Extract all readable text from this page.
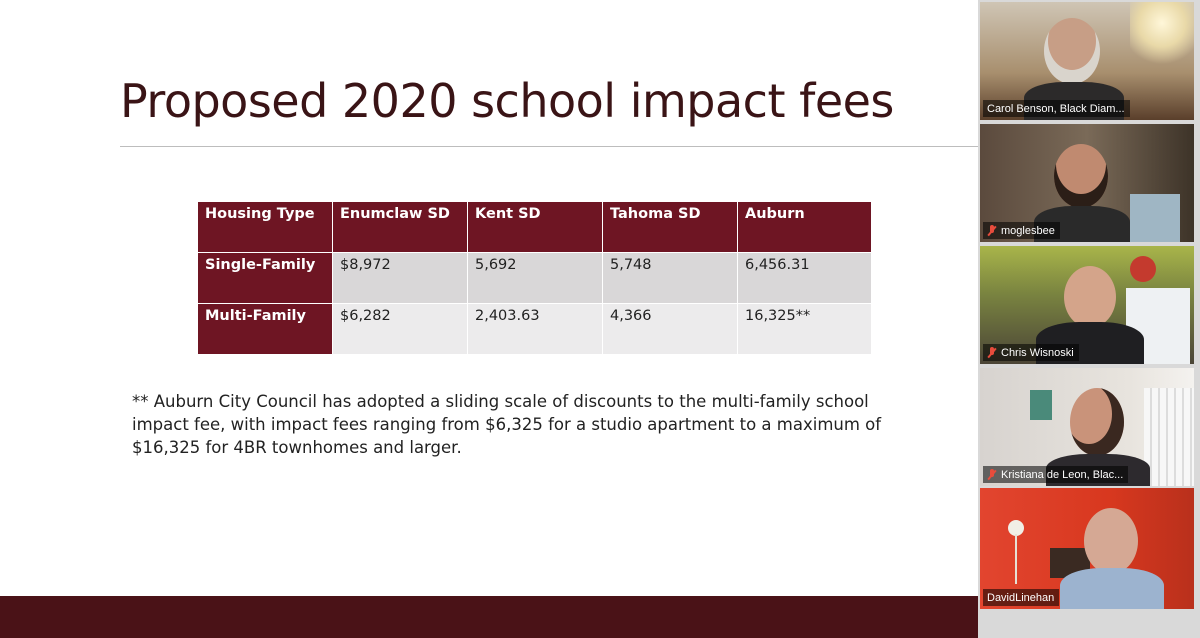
Proposed 2020 school impact fees
Housing Type	Enumclaw SD	Kent SD	Tahoma SD	Auburn
Single-Family	$8,972	5,692	5,748	6,456.31
Multi-Family	$6,282	2,403.63	4,366	16,325**

** Auburn City Council has adopted a sliding scale of discounts to the multi-family school impact fee, with impact fees ranging from $6,325 for a studio apartment to a maximum of $16,325 for 4BR townhomes and larger.

Carol Benson, Black Diam...
moglesbee
Chris Wisnoski
Kristiana de Leon, Blac...
DavidLinehan
